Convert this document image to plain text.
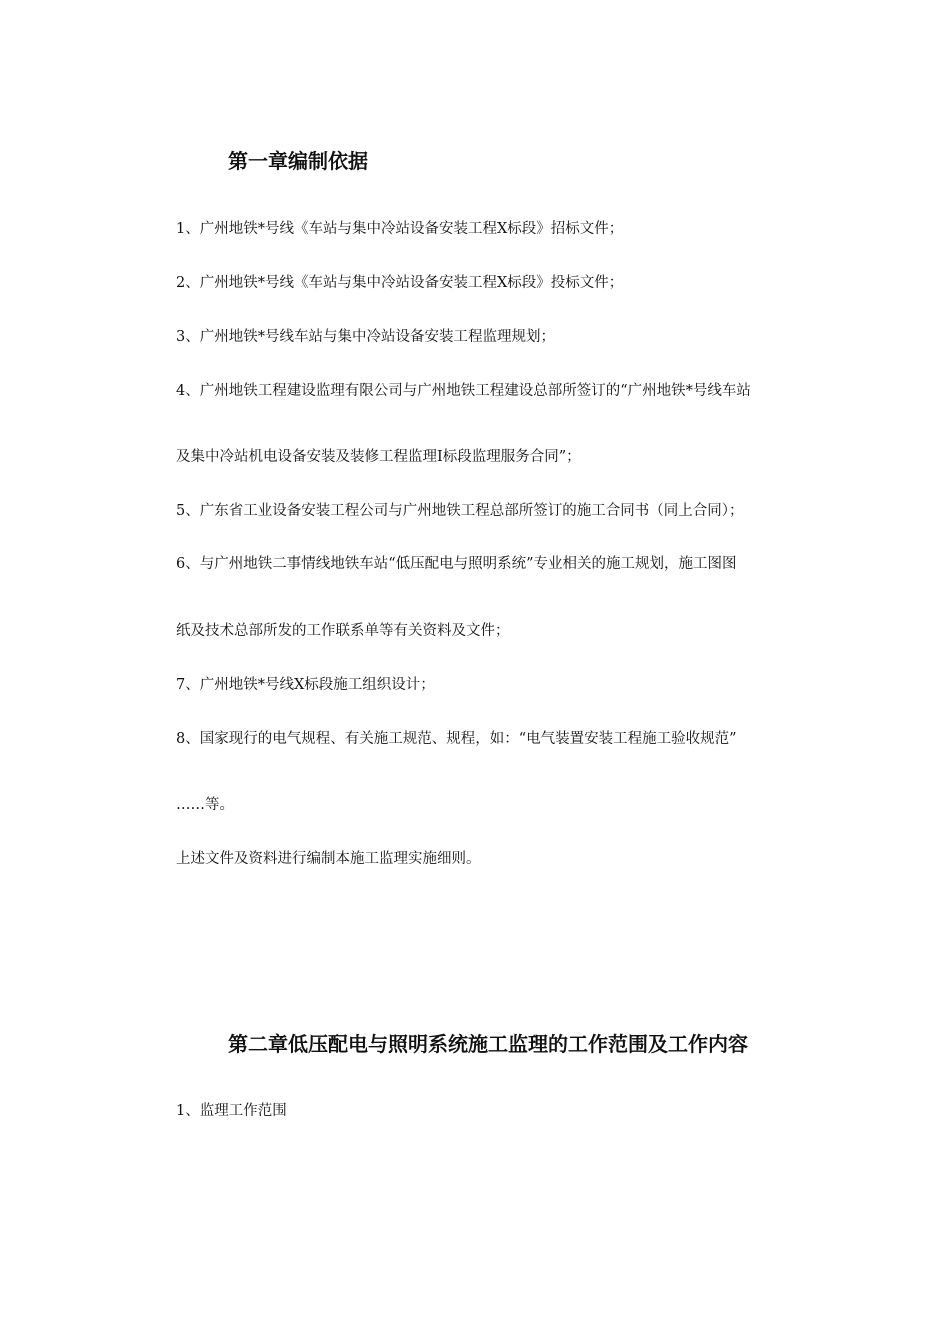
第一章编制依据

1、广州地铁*号线《车站与集中冷站设备安装工程X标段》招标文件；

2、广州地铁*号线《车站与集中冷站设备安装工程X标段》投标文件；

3、广州地铁*号线车站与集中冷站设备安装工程监理规划；

4、广州地铁工程建设监理有限公司与广州地铁工程建设总部所签订的“广州地铁*号线车站

及集中冷站机电设备安装及装修工程监理Ⅰ标段监理服务合同”；

5、广东省工业设备安装工程公司与广州地铁工程总部所签订的施工合同书（同上合同）；

6、与广州地铁二事情线地铁车站“低压配电与照明系统”专业相关的施工规划，施工图图

纸及技术总部所发的工作联系单等有关资料及文件；

7、广州地铁*号线X标段施工组织设计；

8、国家现行的电气规程、有关施工规范、规程，如：“电气装置安装工程施工验收规范”

……等。

上述文件及资料进行编制本施工监理实施细则。

第二章低压配电与照明系统施工监理的工作范围及工作内容

1、监理工作范围
